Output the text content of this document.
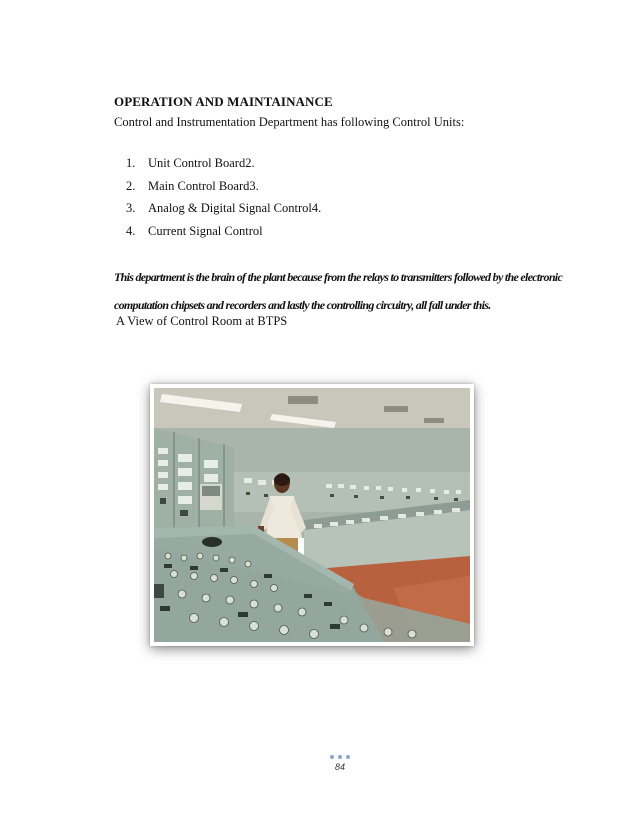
OPERATION AND MAINTAINANCE
Control and Instrumentation Department has following Control Units:
1. Unit Control Board2.
2. Main Control Board3.
3. Analog & Digital Signal Control4.
4. Current Signal Control
This department is the brain of the plant because from the relays to transmitters followed by the electronic computation chipsets and recorders and lastly the controlling circuitry, all fall under this.
A View of Control Room at BTPS
84
